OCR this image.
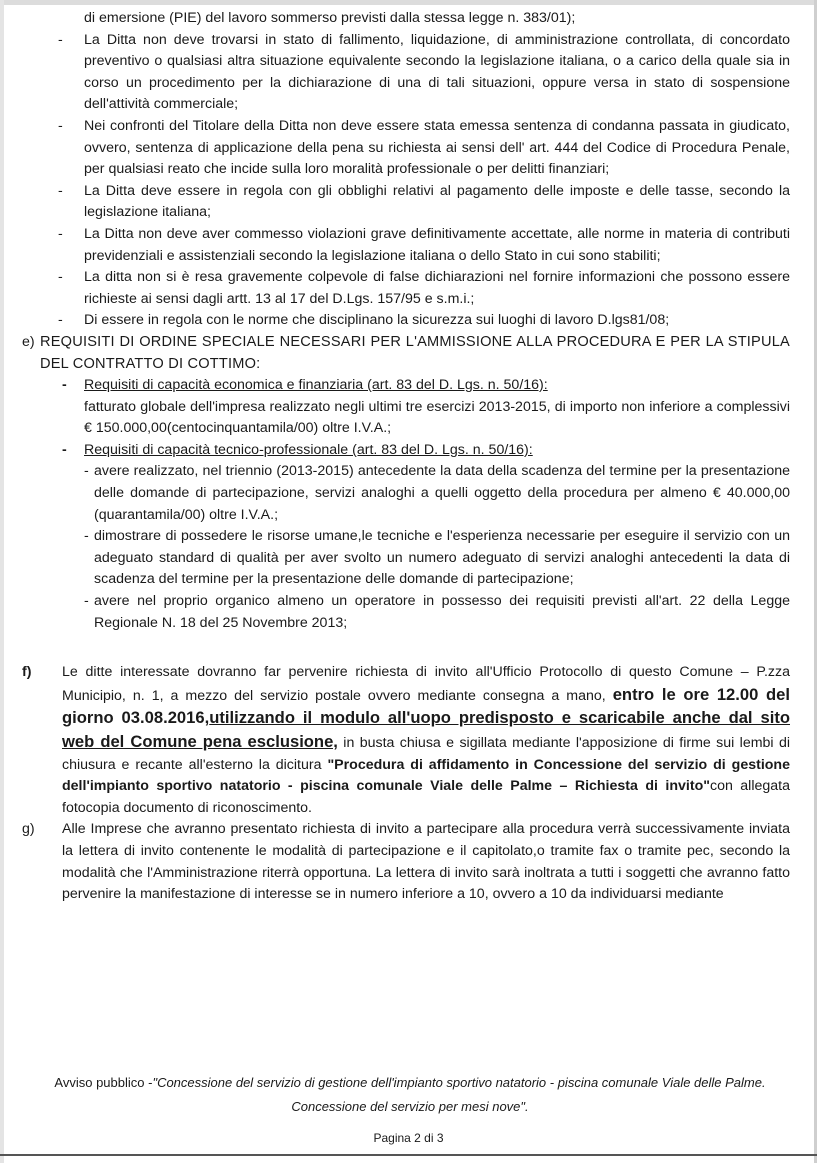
di emersione (PIE) del lavoro sommerso previsti dalla stessa legge n. 383/01);

-	La Ditta non deve trovarsi in stato di fallimento, liquidazione, di amministrazione controllata, di concordato preventivo o qualsiasi altra situazione equivalente secondo la legislazione italiana, o a carico della quale sia in corso un procedimento per la dichiarazione di una di tali situazioni, oppure versa in stato di sospensione dell'attività commerciale;

-	Nei confronti del Titolare della Ditta non deve essere stata emessa sentenza di condanna passata in giudicato, ovvero, sentenza di applicazione della pena su richiesta ai sensi dell' art. 444 del Codice di Procedura Penale, per qualsiasi reato che incide sulla loro moralità professionale o per delitti finanziari;

-	La Ditta deve essere in regola con gli obblighi relativi al pagamento delle imposte e delle tasse, secondo la legislazione italiana;

-	La Ditta non deve aver commesso violazioni grave definitivamente accettate, alle norme in materia di contributi previdenziali e assistenziali secondo la legislazione italiana o dello Stato in cui sono stabiliti;

-	La ditta non si è resa gravemente colpevole di false dichiarazioni nel fornire informazioni che possono essere richieste ai sensi dagli artt. 13 al 17 del D.Lgs. 157/95 e s.m.i.;

-	Di essere in regola con le norme che disciplinano la sicurezza sui luoghi di lavoro D.lgs81/08;

e) REQUISITI DI ORDINE SPECIALE NECESSARI PER L'AMMISSIONE ALLA PROCEDURA E PER LA STIPULA DEL CONTRATTO DI COTTIMO:

- Requisiti di capacità economica e finanziaria (art. 83 del D. Lgs. n. 50/16):

fatturato globale dell'impresa realizzato negli ultimi tre esercizi 2013-2015, di importo non inferiore a complessivi € 150.000,00(centocinquantamila/00) oltre I.V.A.;

- Requisiti di capacità tecnico-professionale (art. 83 del D. Lgs. n. 50/16):

- avere realizzato, nel triennio (2013-2015) antecedente la data della scadenza del termine per la presentazione delle domande di partecipazione, servizi analoghi a quelli oggetto della procedura per almeno € 40.000,00 (quarantamila/00) oltre I.V.A.;

- dimostrare di possedere le risorse umane,le tecniche e l'esperienza necessarie per eseguire il servizio con un adeguato standard di qualità per aver svolto un numero adeguato di servizi analoghi antecedenti la data di scadenza del termine per la presentazione delle domande di partecipazione;

- avere nel proprio organico almeno un operatore in possesso dei requisiti previsti all'art. 22 della Legge Regionale N. 18 del 25 Novembre 2013;

f) Le ditte interessate dovranno far pervenire richiesta di invito all'Ufficio Protocollo di questo Comune – P.zza Municipio, n. 1, a mezzo del servizio postale ovvero mediante consegna a mano, entro le ore 12.00 del giorno 03.08.2016,utilizzando il modulo all'uopo predisposto e scaricabile anche dal sito web del Comune pena esclusione, in busta chiusa e sigillata mediante l'apposizione di firme sui lembi di chiusura e recante all'esterno la dicitura "Procedura di affidamento in Concessione del servizio di gestione dell'impianto sportivo natatorio - piscina comunale Viale delle Palme – Richiesta di invito"con allegata fotocopia documento di riconoscimento.

g) Alle Imprese che avranno presentato richiesta di invito a partecipare alla procedura verrà successivamente inviata la lettera di invito contenente le modalità di partecipazione e il capitolato,o tramite fax o tramite pec, secondo la modalità che l'Amministrazione riterrà opportuna. La lettera di invito sarà inoltrata a tutti i soggetti che avranno fatto pervenire la manifestazione di interesse se in numero inferiore a 10, ovvero a 10 da individuarsi mediante

Avviso pubblico -"Concessione del servizio di gestione dell'impianto sportivo natatorio - piscina comunale Viale delle Palme. Concessione del servizio per mesi nove".
Pagina 2 di 3
